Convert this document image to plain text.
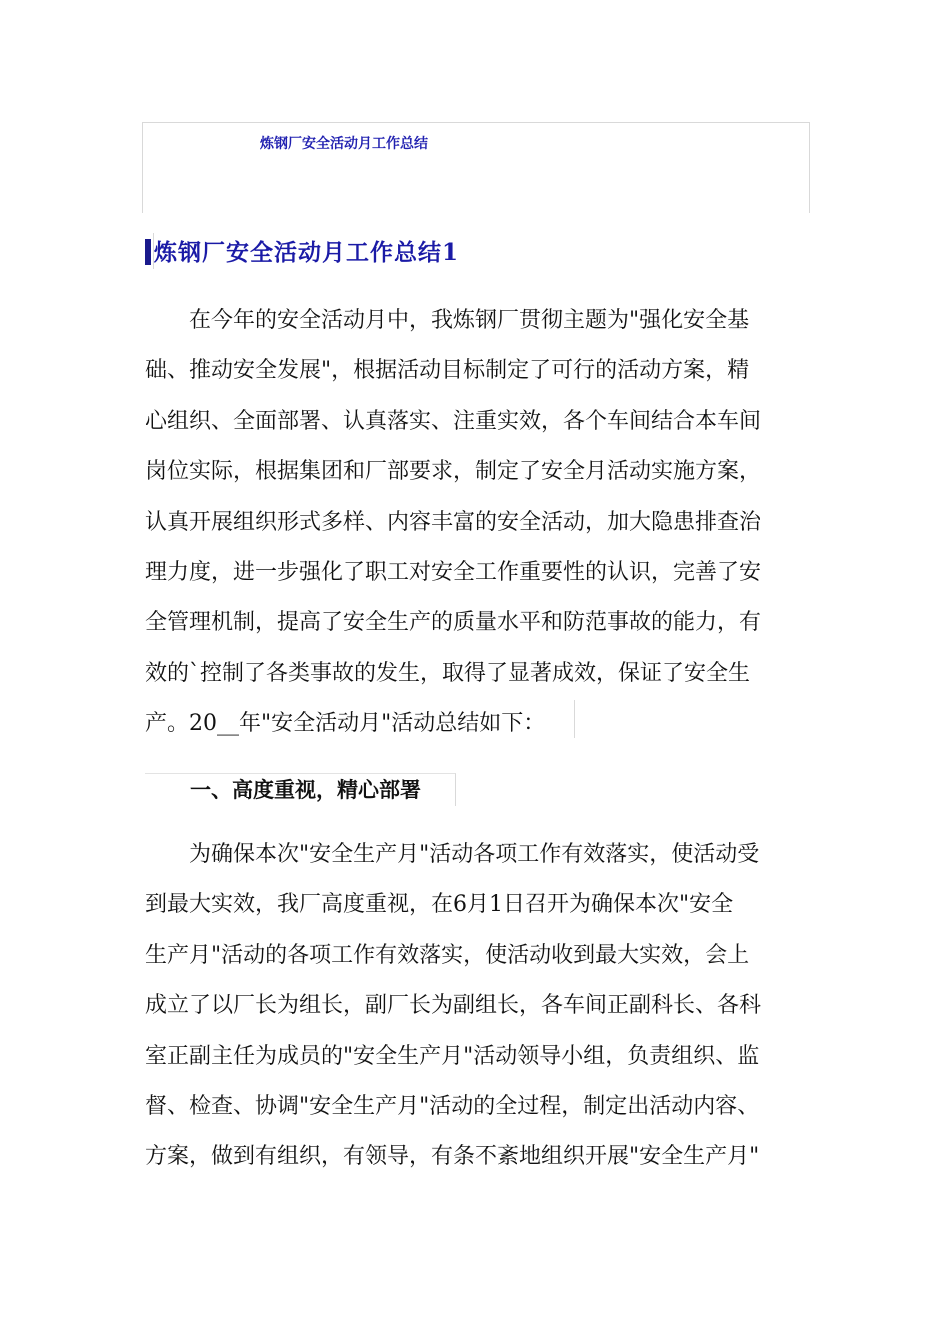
炼钢厂安全活动月工作总结
炼钢厂安全活动月工作总结1
　　在今年的安全活动月中，我炼钢厂贯彻主题为"强化安全基
础、推动安全发展"，根据活动目标制定了可行的活动方案，精
心组织、全面部署、认真落实、注重实效，各个车间结合本车间
岗位实际，根据集团和厂部要求，制定了安全月活动实施方案，
认真开展组织形式多样、内容丰富的安全活动，加大隐患排查治
理力度，进一步强化了职工对安全工作重要性的认识，完善了安
全管理机制，提高了安全生产的质量水平和防范事故的能力，有
效的`控制了各类事故的发生，取得了显著成效，保证了安全生
产。20__年"安全活动月"活动总结如下：
一、高度重视，精心部署
　　为确保本次"安全生产月"活动各项工作有效落实，使活动受
到最大实效，我厂高度重视，在6月1日召开为确保本次"安全
生产月"活动的各项工作有效落实，使活动收到最大实效，会上
成立了以厂长为组长，副厂长为副组长，各车间正副科长、各科
室正副主任为成员的"安全生产月"活动领导小组，负责组织、监
督、检查、协调"安全生产月"活动的全过程，制定出活动内容、
方案，做到有组织，有领导，有条不紊地组织开展"安全生产月"
